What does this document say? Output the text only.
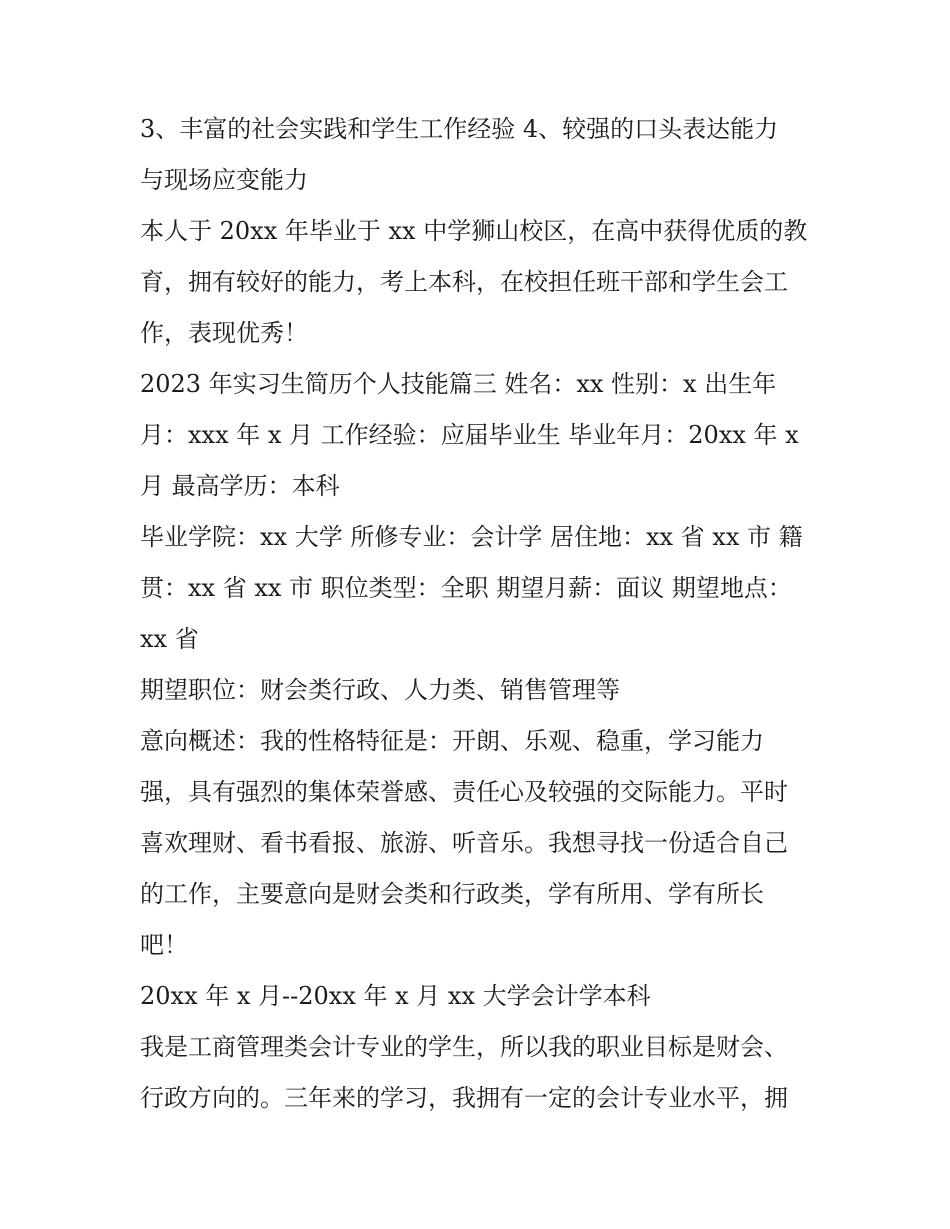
3、丰富的社会实践和学生工作经验 4、较强的口头表达能力
与现场应变能力

本人于 20xx 年毕业于 xx 中学狮山校区，在高中获得优质的教
育，拥有较好的能力，考上本科，在校担任班干部和学生会工
作，表现优秀！

2023 年实习生简历个人技能篇三 姓名：xx 性别：x 出生年
月：xxx 年 x 月 工作经验：应届毕业生 毕业年月：20xx 年 x
月 最高学历：本科

毕业学院：xx 大学 所修专业：会计学 居住地：xx 省 xx 市 籍
贯：xx 省 xx 市 职位类型：全职 期望月薪：面议 期望地点：
xx 省

期望职位：财会类行政、人力类、销售管理等

意向概述：我的性格特征是：开朗、乐观、稳重，学习能力
强，具有强烈的集体荣誉感、责任心及较强的交际能力。平时
喜欢理财、看书看报、旅游、听音乐。我想寻找一份适合自己
的工作，主要意向是财会类和行政类，学有所用、学有所长
吧！

20xx 年 x 月--20xx 年 x 月 xx 大学会计学本科

我是工商管理类会计专业的学生，所以我的职业目标是财会、
行政方向的。三年来的学习，我拥有一定的会计专业水平，拥
